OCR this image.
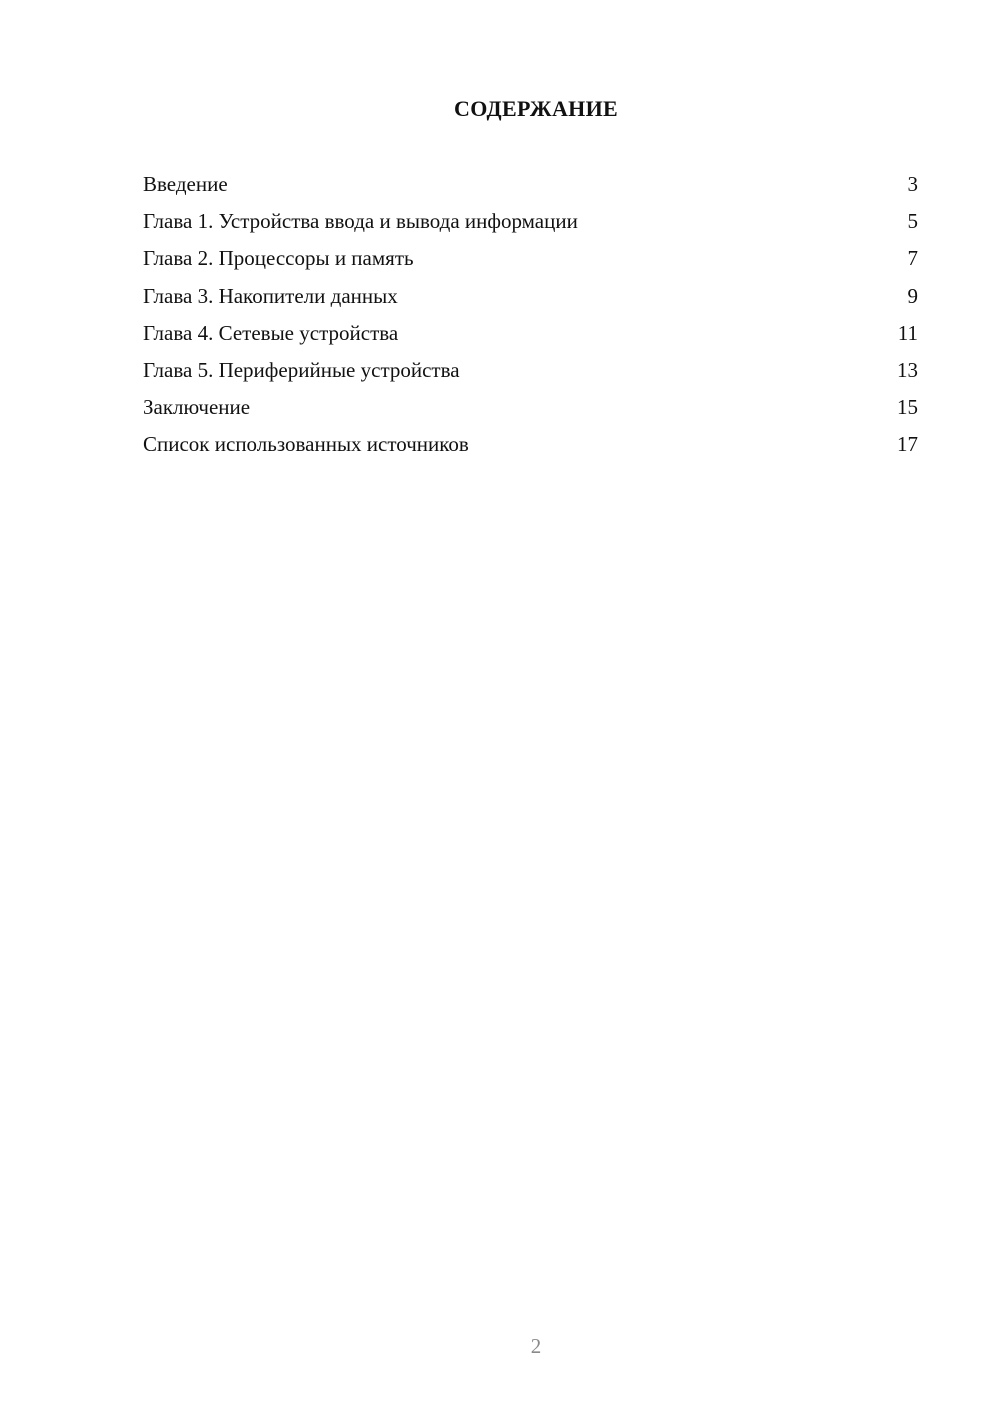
СОДЕРЖАНИЕ
Введение	3
Глава 1. Устройства ввода и вывода информации	5
Глава 2. Процессоры и память	7
Глава 3. Накопители данных	9
Глава 4. Сетевые устройства	11
Глава 5. Периферийные устройства	13
Заключение	15
Список использованных источников	17
2
